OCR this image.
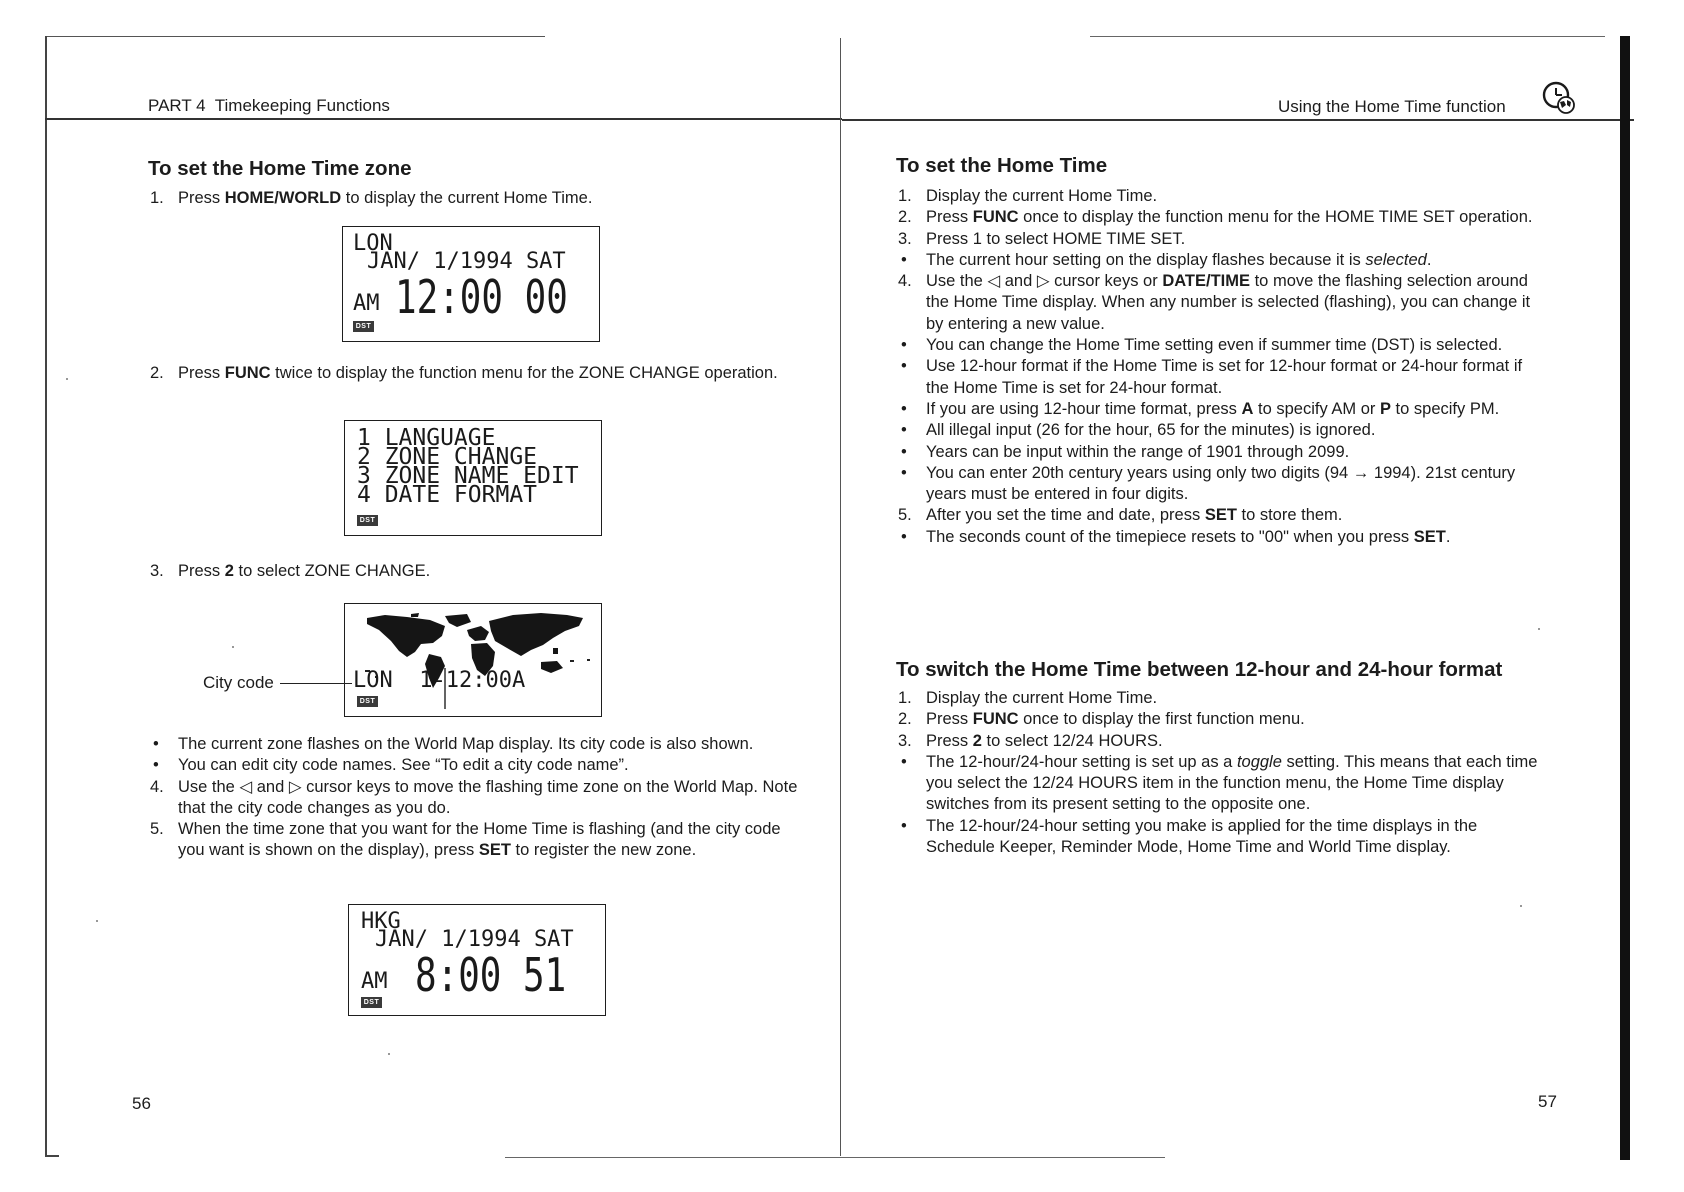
PART 4  Timekeeping Functions
To set the Home Time zone
1. Press HOME/WORLD to display the current Home Time.
LON
JAN/ 1/1994 SAT
AM 12:00 00
DST
2. Press FUNC twice to display the function menu for the ZONE CHANGE operation.
1 LANGUAGE
2 ZONE CHANGE
3 ZONE NAME EDIT
4 DATE FORMAT
DST
3. Press 2 to select ZONE CHANGE.
LON  1-12:00A
DST
City code
• The current zone flashes on the World Map display. Its city code is also shown.
• You can edit city code names. See “To edit a city code name”.
4. Use the ◁ and ▷ cursor keys to move the flashing time zone on the World Map. Note that the city code changes as you do.
5. When the time zone that you want for the Home Time is flashing (and the city code you want is shown on the display), press SET to register the new zone.
HKG
JAN/ 1/1994 SAT
AM 8:00 51
DST
56
Using the Home Time function
To set the Home Time
1. Display the current Home Time.
2. Press FUNC once to display the function menu for the HOME TIME SET operation.
3. Press 1 to select HOME TIME SET.
• The current hour setting on the display flashes because it is selected.
4. Use the ◁ and ▷ cursor keys or DATE/TIME to move the flashing selection around the Home Time display. When any number is selected (flashing), you can change it by entering a new value.
• You can change the Home Time setting even if summer time (DST) is selected.
• Use 12-hour format if the Home Time is set for 12-hour format or 24-hour format if the Home Time is set for 24-hour format.
• If you are using 12-hour time format, press A to specify AM or P to specify PM.
• All illegal input (26 for the hour, 65 for the minutes) is ignored.
• Years can be input within the range of 1901 through 2099.
• You can enter 20th century years using only two digits (94 → 1994). 21st century years must be entered in four digits.
5. After you set the time and date, press SET to store them.
• The seconds count of the timepiece resets to "00" when you press SET.
To switch the Home Time between 12-hour and 24-hour format
1. Display the current Home Time.
2. Press FUNC once to display the first function menu.
3. Press 2 to select 12/24 HOURS.
• The 12-hour/24-hour setting is set up as a toggle setting. This means that each time you select the 12/24 HOURS item in the function menu, the Home Time display switches from its present setting to the opposite one.
• The 12-hour/24-hour setting you make is applied for the time displays in the Schedule Keeper, Reminder Mode, Home Time and World Time display.
57
